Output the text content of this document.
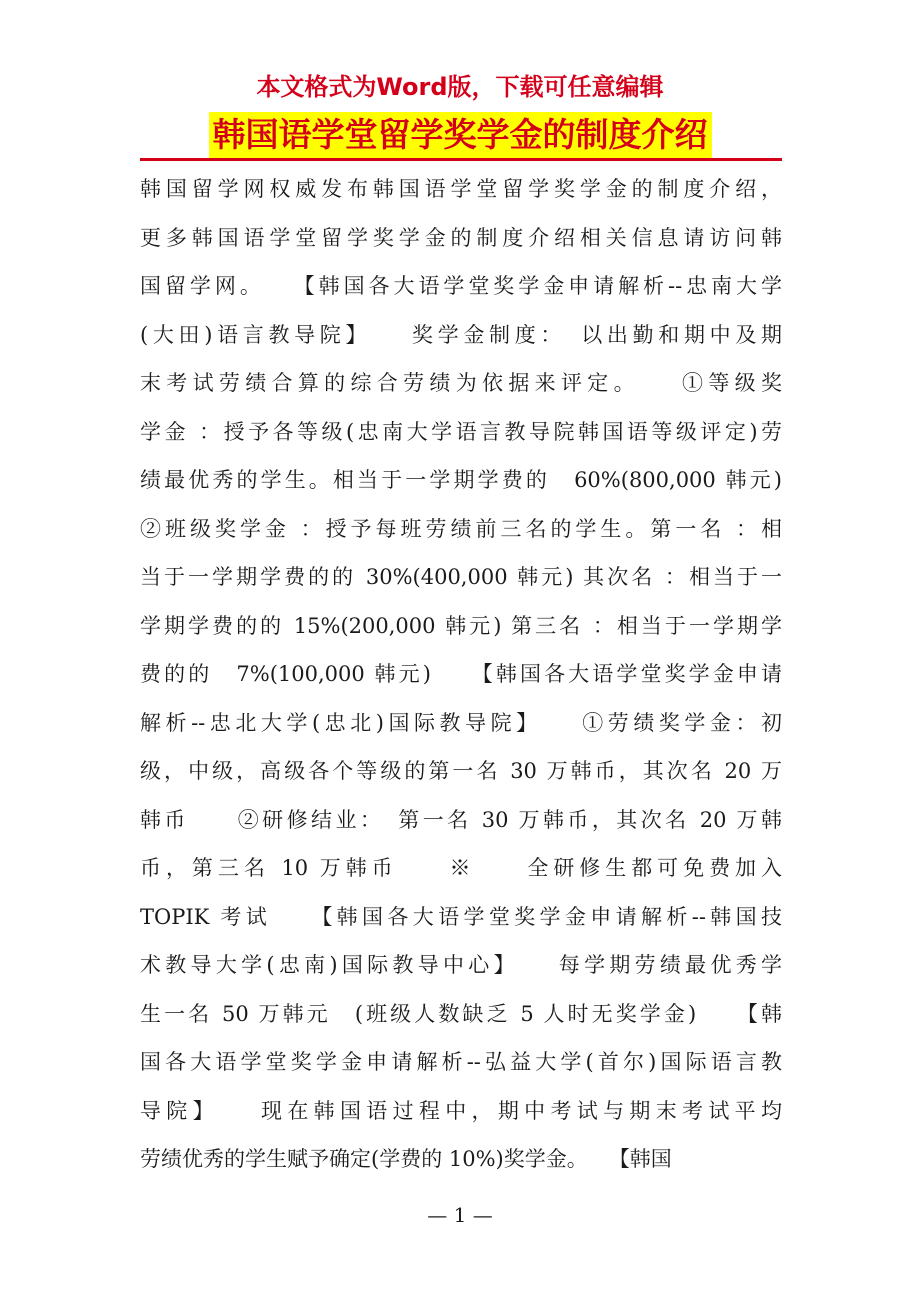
本文格式为Word版，下载可任意编辑
韩国语学堂留学奖学金的制度介绍
韩国留学网权威发布韩国语学堂留学奖学金的制度介绍，
更多韩国语学堂留学奖学金的制度介绍相关信息请访问韩
国留学网。　　【韩国各大语学堂奖学金申请解析--忠南大学
(大田)语言教导院】　　奖学金制度：　以出勤和期中及期
末考试劳绩合算的综合劳绩为依据来评定。　　①等级奖
学金 ：授予各等级(忠南大学语言教导院韩国语等级评定)劳
绩最优秀的学生。相当于一学期学费的　60%(800,000 韩元)
②班级奖学金 ：授予每班劳绩前三名的学生。第一名 ：相
当于一学期学费的的 30%(400,000 韩元) 其次名 ：相当于一
学期学费的的 15%(200,000 韩元) 第三名 ：相当于一学期学
费的的　7%(100,000 韩元)　　【韩国各大语学堂奖学金申请
解析--忠北大学(忠北)国际教导院】　　①劳绩奖学金：初
级，中级，高级各个等级的第一名 30 万韩币，其次名 20 万
韩币　　②研修结业：　第一名 30 万韩币，其次名 20 万韩
币，第三名 10 万韩币　　※　　全研修生都可免费加入
TOPIK 考试　　【韩国各大语学堂奖学金申请解析--韩国技
术教导大学(忠南)国际教导中心】　　每学期劳绩最优秀学
生一名 50 万韩元　(班级人数缺乏 5 人时无奖学金)　　【韩
国各大语学堂奖学金申请解析--弘益大学(首尔)国际语言教
导院】　　现在韩国语过程中，期中考试与期末考试平均
劳绩优秀的学生赋予确定(学费的 10%)奖学金。　　【韩国
— 1 —
